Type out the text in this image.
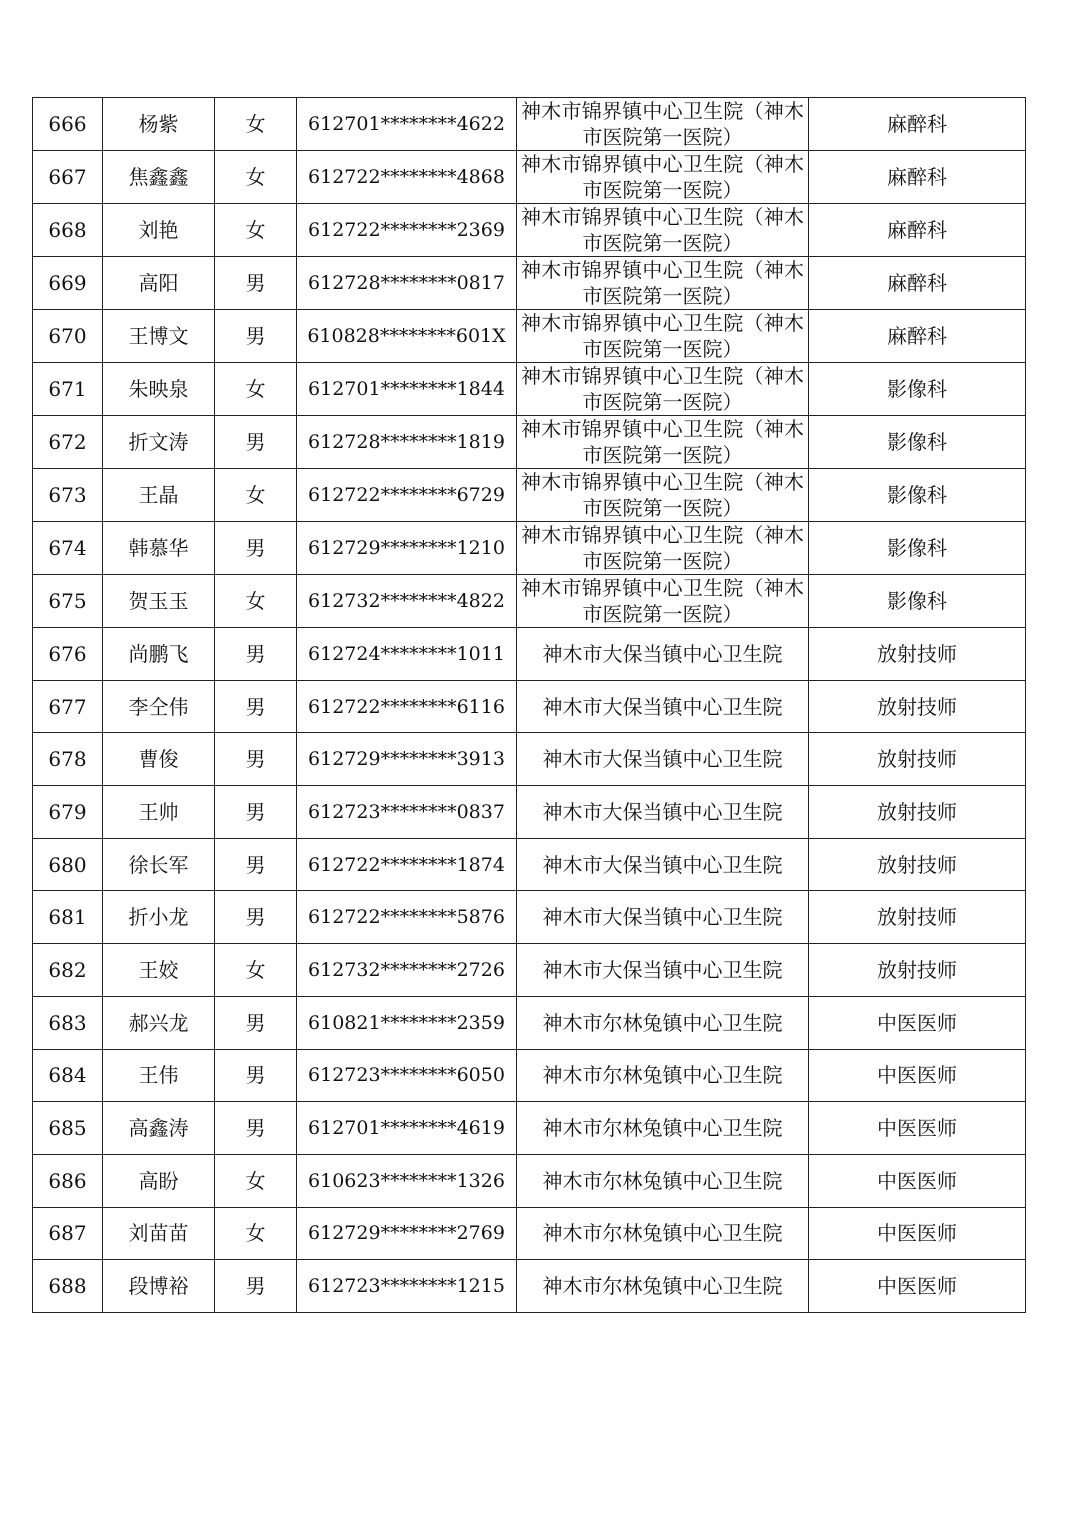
666	杨紫	女	612701********4622	神木市锦界镇中心卫生院（神木市医院第一医院）	麻醉科
667	焦鑫鑫	女	612722********4868	神木市锦界镇中心卫生院（神木市医院第一医院）	麻醉科
668	刘艳	女	612722********2369	神木市锦界镇中心卫生院（神木市医院第一医院）	麻醉科
669	高阳	男	612728********0817	神木市锦界镇中心卫生院（神木市医院第一医院）	麻醉科
670	王博文	男	610828********601X	神木市锦界镇中心卫生院（神木市医院第一医院）	麻醉科
671	朱映泉	女	612701********1844	神木市锦界镇中心卫生院（神木市医院第一医院）	影像科
672	折文涛	男	612728********1819	神木市锦界镇中心卫生院（神木市医院第一医院）	影像科
673	王晶	女	612722********6729	神木市锦界镇中心卫生院（神木市医院第一医院）	影像科
674	韩慕华	男	612729********1210	神木市锦界镇中心卫生院（神木市医院第一医院）	影像科
675	贺玉玉	女	612732********4822	神木市锦界镇中心卫生院（神木市医院第一医院）	影像科
676	尚鹏飞	男	612724********1011	神木市大保当镇中心卫生院	放射技师
677	李仝伟	男	612722********6116	神木市大保当镇中心卫生院	放射技师
678	曹俊	男	612729********3913	神木市大保当镇中心卫生院	放射技师
679	王帅	男	612723********0837	神木市大保当镇中心卫生院	放射技师
680	徐长军	男	612722********1874	神木市大保当镇中心卫生院	放射技师
681	折小龙	男	612722********5876	神木市大保当镇中心卫生院	放射技师
682	王姣	女	612732********2726	神木市大保当镇中心卫生院	放射技师
683	郝兴龙	男	610821********2359	神木市尔林兔镇中心卫生院	中医医师
684	王伟	男	612723********6050	神木市尔林兔镇中心卫生院	中医医师
685	高鑫涛	男	612701********4619	神木市尔林兔镇中心卫生院	中医医师
686	高盼	女	610623********1326	神木市尔林兔镇中心卫生院	中医医师
687	刘苗苗	女	612729********2769	神木市尔林兔镇中心卫生院	中医医师
688	段博裕	男	612723********1215	神木市尔林兔镇中心卫生院	中医医师
